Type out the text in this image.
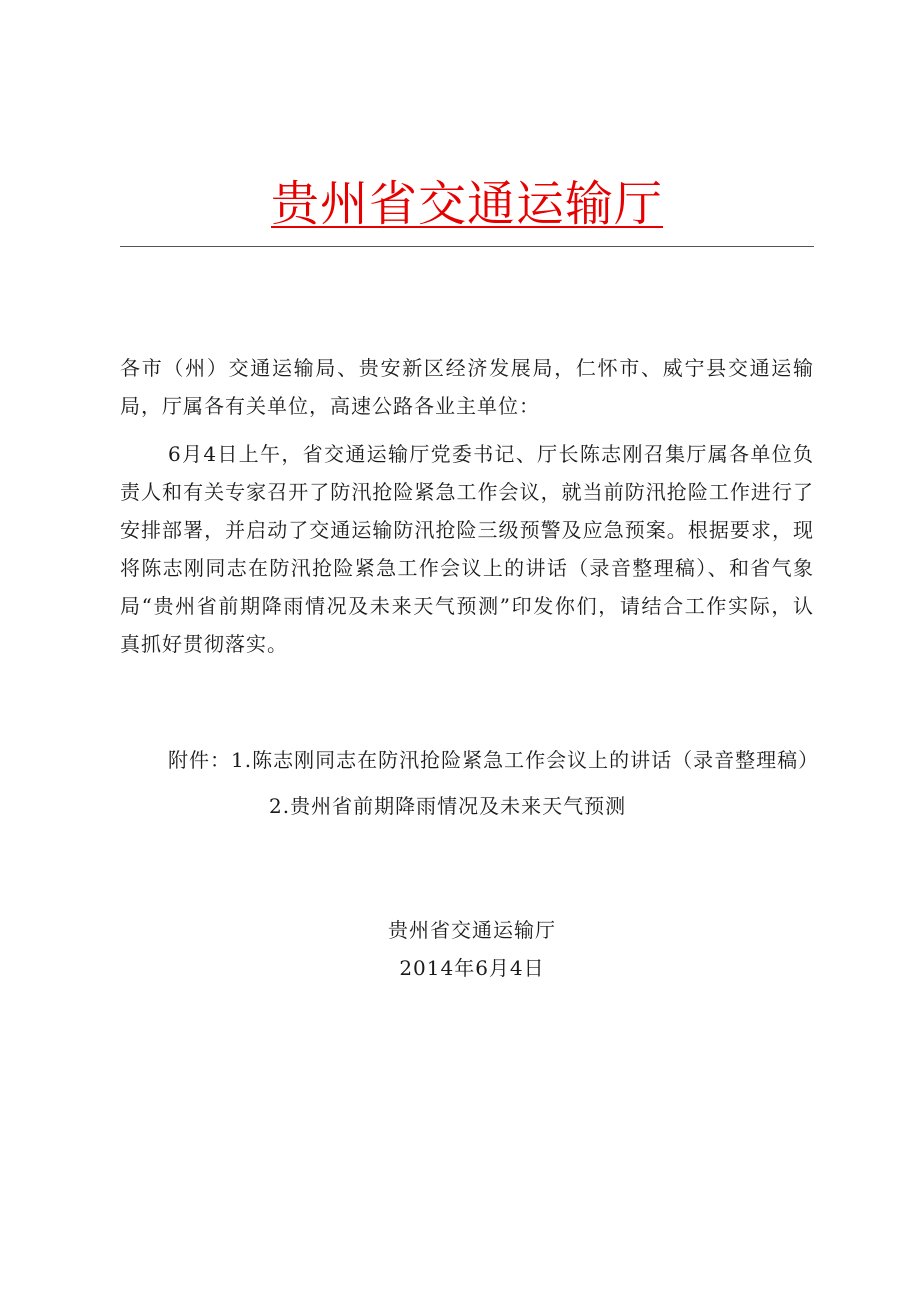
贵州省交通运输厅
各市（州）交通运输局、贵安新区经济发展局，仁怀市、威宁县交通运输局，厅属各有关单位，高速公路各业主单位：
6月4日上午，省交通运输厅党委书记、厅长陈志刚召集厅属各单位负责人和有关专家召开了防汛抢险紧急工作会议，就当前防汛抢险工作进行了安排部署，并启动了交通运输防汛抢险三级预警及应急预案。根据要求，现将陈志刚同志在防汛抢险紧急工作会议上的讲话（录音整理稿）、和省气象局“贵州省前期降雨情况及未来天气预测”印发你们，请结合工作实际，认真抓好贯彻落实。
附件： 1.陈志刚同志在防汛抢险紧急工作会议上的讲话（录音整理稿）
2.贵州省前期降雨情况及未来天气预测
贵州省交通运输厅
2014年6月4日
